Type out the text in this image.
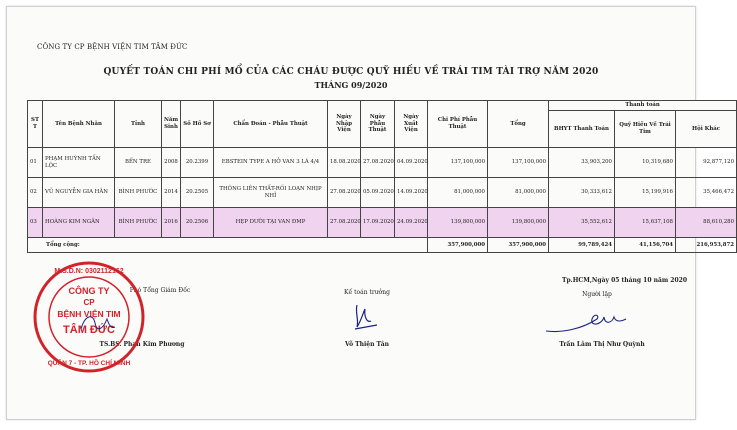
CÔNG TY CP BỆNH VIỆN TIM TÂM ĐỨC
QUYẾT TOÁN CHI PHÍ MỔ CỦA CÁC CHÁU ĐƯỢC QUỸ HIẾU VỀ TRÁI TIM TÀI TRỢ NĂM 2020
THÁNG 09/2020
ST T	Tên Bệnh Nhân	Tỉnh	Năm Sinh	Số Hồ Sơ	Chẩn Đoán - Phẫu Thuật	Ngày Nhập Viện	Ngày Phẫu Thuật	Ngày Xuất Viện	Chi Phí Phẫu Thuật	Tổng	Thanh toán		
											BHYT Thanh Toán	Quỹ Hiếu Về Trái Tim	Hội Khác
01	PHẠM HUỲNH TẤN LỘC	BẾN TRE	2008	20.2399	EBSTEIN TYPE A HỞ VAN 3 LÁ 4/4	18.08.2020	27.08.2020	04.09.2020	137,100,000	137,100,000	33,903,200	10,319,680	92,877,120
02	VŨ NGUYỄN GIA HÂN	BÌNH PHƯỚC	2014	20.2505	THÔNG LIÊN THẤT-RỐI LOẠN NHỊP NHĨ	27.08.2020	05.09.2020	14.09.2020	81,000,000	81,000,000	30,333,612	15,199,916	35,466,472
03	HOÀNG KIM NGÂN	BÌNH PHƯỚC	2016	20.2506	HẸP DƯỚI TẠI VAN ĐMP	27.08.2020	17.09.2020	24.09.2020	139,800,000	139,800,000	35,552,612	15,637,108	88,610,280
Tổng cộng:									357,900,000	357,900,000	99,789,424	41,156,704	216,953,872
Tp.HCM,Ngày 05 tháng 10 năm 2020
Phó Tổng Giám Đốc
TS.BS. Phan Kim Phương
Kế toán trưởng
Võ Thiện Tân
Người lập
Trần Lâm Thị Như Quỳnh
M.S.D.N: 0302112162
QUẬN 7 - TP. HỒ CHÍ MINH
CÔNG TY
CP
BỆNH VIỆN TIM
TÂM ĐỨC
